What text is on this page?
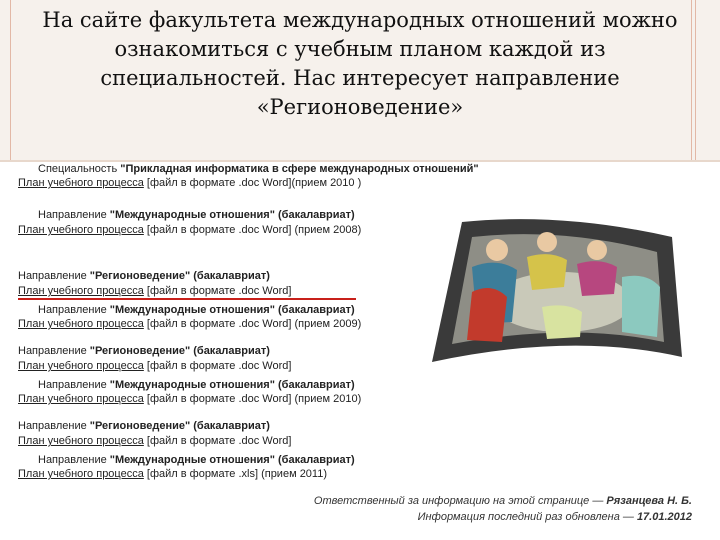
На сайте факультета международных отношений можно ознакомиться с учебным планом каждой из специальностей. Нас интересует направление «Регионоведение»
Специальность "Прикладная информатика в сфере международных отношений"
План учебного процесса [файл в формате .doc Word](прием 2010 )
Направление "Международные отношения" (бакалавриат)
План учебного процесса [файл в формате .doc Word] (прием 2008)
Направление "Регионоведение" (бакалавриат)
План учебного процесса [файл в формате .doc Word]
Направление "Международные отношения" (бакалавриат)
План учебного процесса [файл в формате .doc Word] (прием 2009)
Направление "Регионоведение" (бакалавриат)
План учебного процесса [файл в формате .doc Word]
Направление "Международные отношения" (бакалавриат)
План учебного процесса [файл в формате .doc Word] (прием 2010)
Направление "Регионоведение" (бакалавриат)
План учебного процесса [файл в формате .doc Word]
Направление "Международные отношения" (бакалавриат)
План учебного процесса [файл в формате .xls] (прием 2011)
Ответственный за информацию на этой странице — Рязанцева Н. Б.
Информация последний раз обновлена — 17.01.2012
